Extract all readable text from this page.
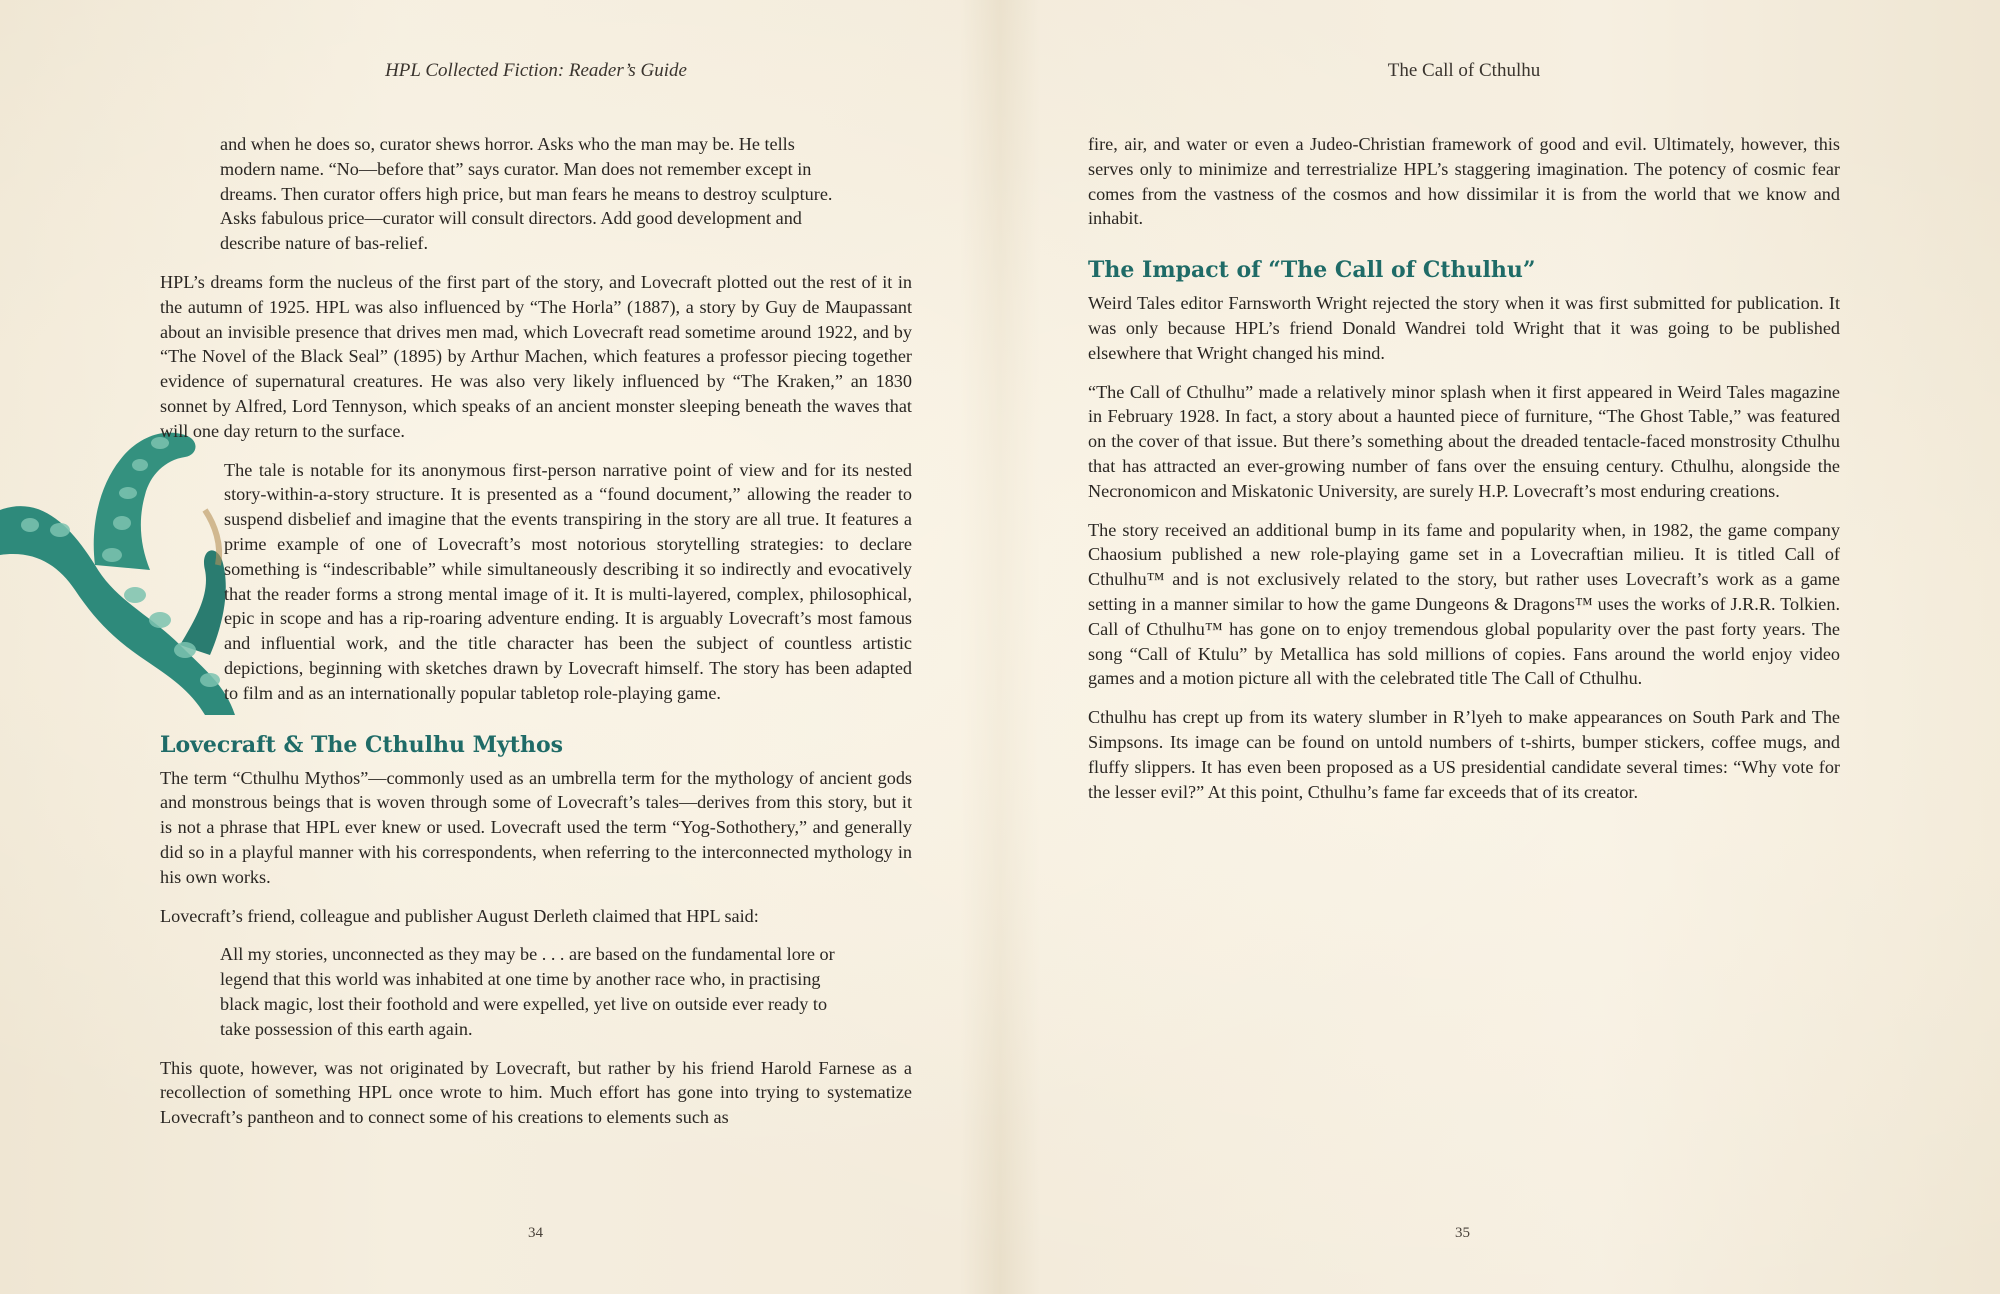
HPL Collected Fiction: Reader’s Guide

and when he does so, curator shews horror. Asks who the man may be. He tells modern name. “No—before that” says curator. Man does not remember except in dreams. Then curator offers high price, but man fears he means to destroy sculpture. Asks fabulous price—curator will consult directors. Add good development and describe nature of bas-relief.

HPL’s dreams form the nucleus of the first part of the story, and Lovecraft plotted out the rest of it in the autumn of 1925. HPL was also influenced by “The Horla” (1887), a story by Guy de Maupassant about an invisible presence that drives men mad, which Lovecraft read sometime around 1922, and by “The Novel of the Black Seal” (1895) by Arthur Machen, which features a professor piecing together evidence of supernatural creatures. He was also very likely influenced by “The Kraken,” an 1830 sonnet by Alfred, Lord Tennyson, which speaks of an ancient monster sleeping beneath the waves that will one day return to the surface.

The tale is notable for its anonymous first-person narrative point of view and for its nested story-within-a-story structure. It is presented as a “found document,” allowing the reader to suspend disbelief and imagine that the events transpiring in the story are all true. It features a prime example of one of Lovecraft’s most notorious storytelling strategies: to declare something is “indescribable” while simultaneously describing it so indirectly and evocatively that the reader forms a strong mental image of it. It is multi-layered, complex, philosophical, epic in scope and has a rip-roaring adventure ending. It is arguably Lovecraft’s most famous and influential work, and the title character has been the subject of countless artistic depictions, beginning with sketches drawn by Lovecraft himself. The story has been adapted to film and as an internationally popular tabletop role-playing game.

Lovecraft & The Cthulhu Mythos

The term “Cthulhu Mythos”—commonly used as an umbrella term for the mythology of ancient gods and monstrous beings that is woven through some of Lovecraft’s tales—derives from this story, but it is not a phrase that HPL ever knew or used. Lovecraft used the term “Yog-Sothothery,” and generally did so in a playful manner with his correspondents, when referring to the interconnected mythology in his own works.

Lovecraft’s friend, colleague and publisher August Derleth claimed that HPL said:

All my stories, unconnected as they may be . . . are based on the fundamental lore or legend that this world was inhabited at one time by another race who, in practising black magic, lost their foothold and were expelled, yet live on outside ever ready to take possession of this earth again.

This quote, however, was not originated by Lovecraft, but rather by his friend Harold Farnese as a recollection of something HPL once wrote to him. Much effort has gone into trying to systematize Lovecraft’s pantheon and to connect some of his creations to elements such as

34
The Call of Cthulhu

fire, air, and water or even a Judeo-Christian framework of good and evil. Ultimately, however, this serves only to minimize and terrestrialize HPL’s staggering imagination. The potency of cosmic fear comes from the vastness of the cosmos and how dissimilar it is from the world that we know and inhabit.

The Impact of “The Call of Cthulhu”

Weird Tales editor Farnsworth Wright rejected the story when it was first submitted for publication. It was only because HPL’s friend Donald Wandrei told Wright that it was going to be published elsewhere that Wright changed his mind.

“The Call of Cthulhu” made a relatively minor splash when it first appeared in Weird Tales magazine in February 1928. In fact, a story about a haunted piece of furniture, “The Ghost Table,” was featured on the cover of that issue. But there’s something about the dreaded tentacle-faced monstrosity Cthulhu that has attracted an ever-growing number of fans over the ensuing century. Cthulhu, alongside the Necronomicon and Miskatonic University, are surely H.P. Lovecraft’s most enduring creations.

The story received an additional bump in its fame and popularity when, in 1982, the game company Chaosium published a new role-playing game set in a Lovecraftian milieu. It is titled Call of Cthulhu™ and is not exclusively related to the story, but rather uses Lovecraft’s work as a game setting in a manner similar to how the game Dungeons & Dragons™ uses the works of J.R.R. Tolkien. Call of Cthulhu™ has gone on to enjoy tremendous global popularity over the past forty years. The song “Call of Ktulu” by Metallica has sold millions of copies. Fans around the world enjoy video games and a motion picture all with the celebrated title The Call of Cthulhu.

Cthulhu has crept up from its watery slumber in R’lyeh to make appearances on South Park and The Simpsons. Its image can be found on untold numbers of t-shirts, bumper stickers, coffee mugs, and fluffy slippers. It has even been proposed as a US presidential candidate several times: “Why vote for the lesser evil?” At this point, Cthulhu’s fame far exceeds that of its creator.

35
